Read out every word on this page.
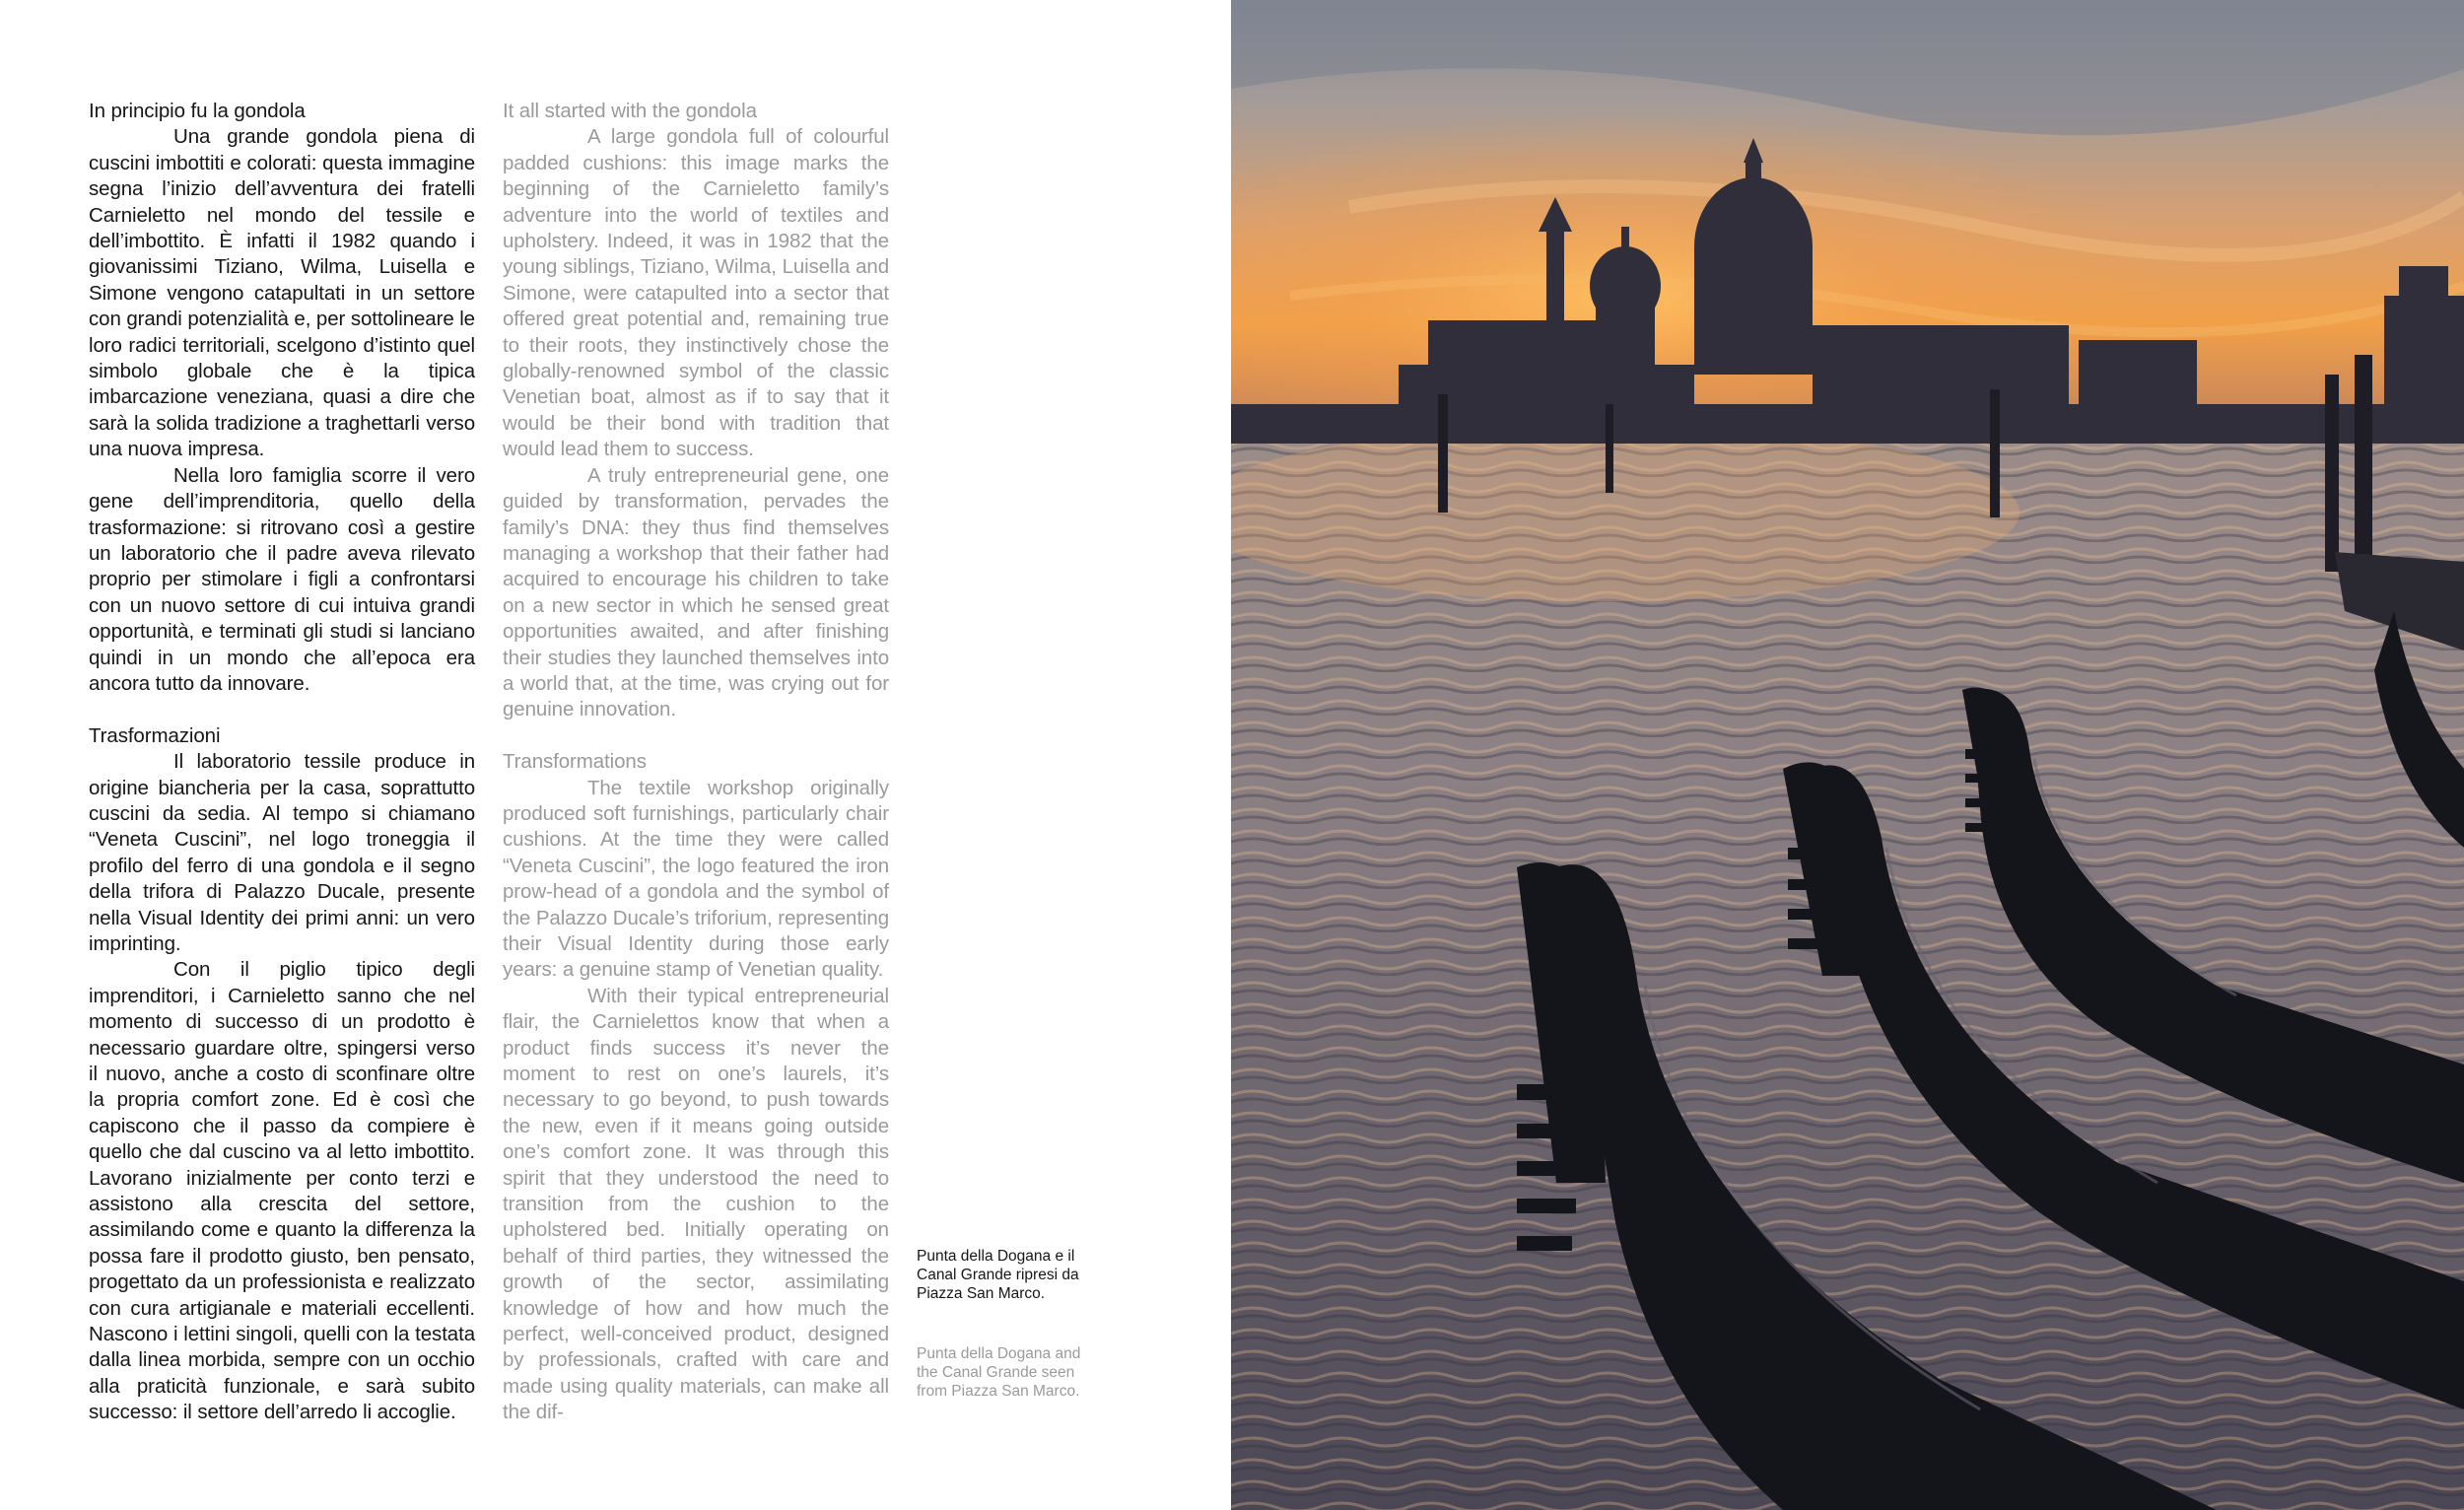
In principio fu la gondola

Una grande gondola piena di cuscini imbottiti e colorati: questa immagine segna l’inizio dell’avventura dei fratelli Carnieletto nel mondo del tessile e dell’imbottito. È infatti il 1982 quando i giovanissimi Tiziano, Wilma, Luisella e Simone vengono catapultati in un settore con grandi potenzialità e, per sottolineare le loro radici territoriali, scelgono d’istinto quel simbolo globale che è la tipica imbarcazione veneziana, quasi a dire che sarà la solida tradizione a traghettarli verso una nuova impresa.

Nella loro famiglia scorre il vero gene dell’imprenditoria, quello della trasformazione: si ritrovano così a gestire un laboratorio che il padre aveva rilevato proprio per stimolare i figli a confrontarsi con un nuovo settore di cui intuiva grandi opportunità, e terminati gli studi si lanciano quindi in un mondo che all’epoca era ancora tutto da innovare.

Trasformazioni

Il laboratorio tessile produce in origine biancheria per la casa, soprattutto cuscini da sedia. Al tempo si chiamano “Veneta Cuscini”, nel logo troneggia il profilo del ferro di una gondola e il segno della trifora di Palazzo Ducale, presente nella Visual Identity dei primi anni: un vero imprinting.

Con il piglio tipico degli imprenditori, i Carnieletto sanno che nel momento di successo di un prodotto è necessario guardare oltre, spingersi verso il nuovo, anche a costo di sconfinare oltre la propria comfort zone. Ed è così che capiscono che il passo da compiere è quello che dal cuscino va al letto imbottito. Lavorano inizialmente per conto terzi e assistono alla crescita del settore, assimilando come e quanto la differenza la possa fare il prodotto giusto, ben pensato, progettato da un professionista e realizzato con cura artigianale e materiali eccellenti. Nascono i lettini singoli, quelli con la testata dalla linea morbida, sempre con un occhio alla praticità funzionale, e sarà subito successo: il settore dell’arredo li accoglie.

It all started with the gondola

A large gondola full of colourful padded cushions: this image marks the beginning of the Carnieletto family’s adventure into the world of textiles and upholstery. Indeed, it was in 1982 that the young siblings, Tiziano, Wilma, Luisella and Simone, were catapulted into a sector that offered great potential and, remaining true to their roots, they instinctively chose the globally-renowned symbol of the classic Venetian boat, almost as if to say that it would be their bond with tradition that would lead them to success.

A truly entrepreneurial gene, one guided by transformation, pervades the family’s DNA: they thus find themselves managing a workshop that their father had acquired to encourage his children to take on a new sector in which he sensed great opportunities awaited, and after finishing their studies they launched themselves into a world that, at the time, was crying out for genuine innovation.

Transformations

The textile workshop originally produced soft furnishings, particularly chair cushions. At the time they were called “Veneta Cuscini”, the logo featured the iron prow-head of a gondola and the symbol of the Palazzo Ducale’s triforium, representing their Visual Identity during those early years: a genuine stamp of Venetian quality.

With their typical entrepreneurial flair, the Carnielettos know that when a product finds success it’s never the moment to rest on one’s laurels, it’s necessary to go beyond, to push towards the new, even if it means going outside one’s comfort zone. It was through this spirit that they understood the need to transition from the cushion to the upholstered bed. Initially operating on behalf of third parties, they witnessed the growth of the sector, assimilating knowledge of how and how much the perfect, well-conceived product, designed by professionals, crafted with care and made using quality materials, can make all the dif-

Punta della Dogana e il Canal Grande ripresi da Piazza San Marco.
Punta della Dogana and the Canal Grande seen from Piazza San Marco.
